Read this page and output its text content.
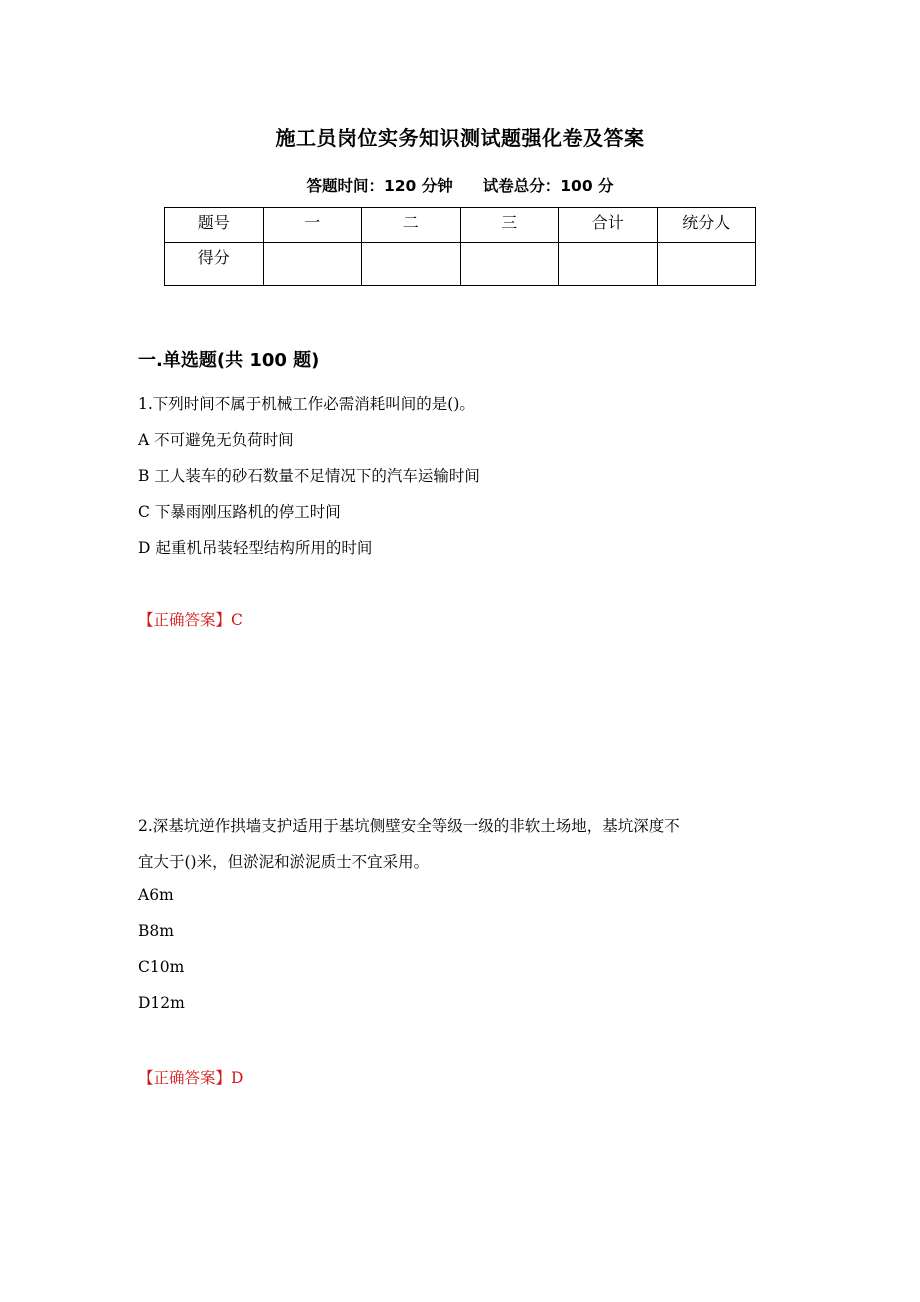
施工员岗位实务知识测试题强化卷及答案
答题时间：120 分钟 试卷总分：100 分
题号	一	二	三	合计	统分人
得分					
一.单选题(共 100 题)
1.下列时间不属于机械工作必需消耗叫间的是()。
A 不可避免无负荷时间
B 工人装车的砂石数量不足情况下的汽车运输时间
C 下暴雨刚压路机的停工时间
D 起重机吊装轻型结构所用的时间
【正确答案】C
2.深基坑逆作拱墙支护适用于基坑侧壁安全等级一级的非软土场地，基坑深度不
宜大于()米，但淤泥和淤泥质士不宜采用。
A6m
B8m
C10m
D12m
【正确答案】D
